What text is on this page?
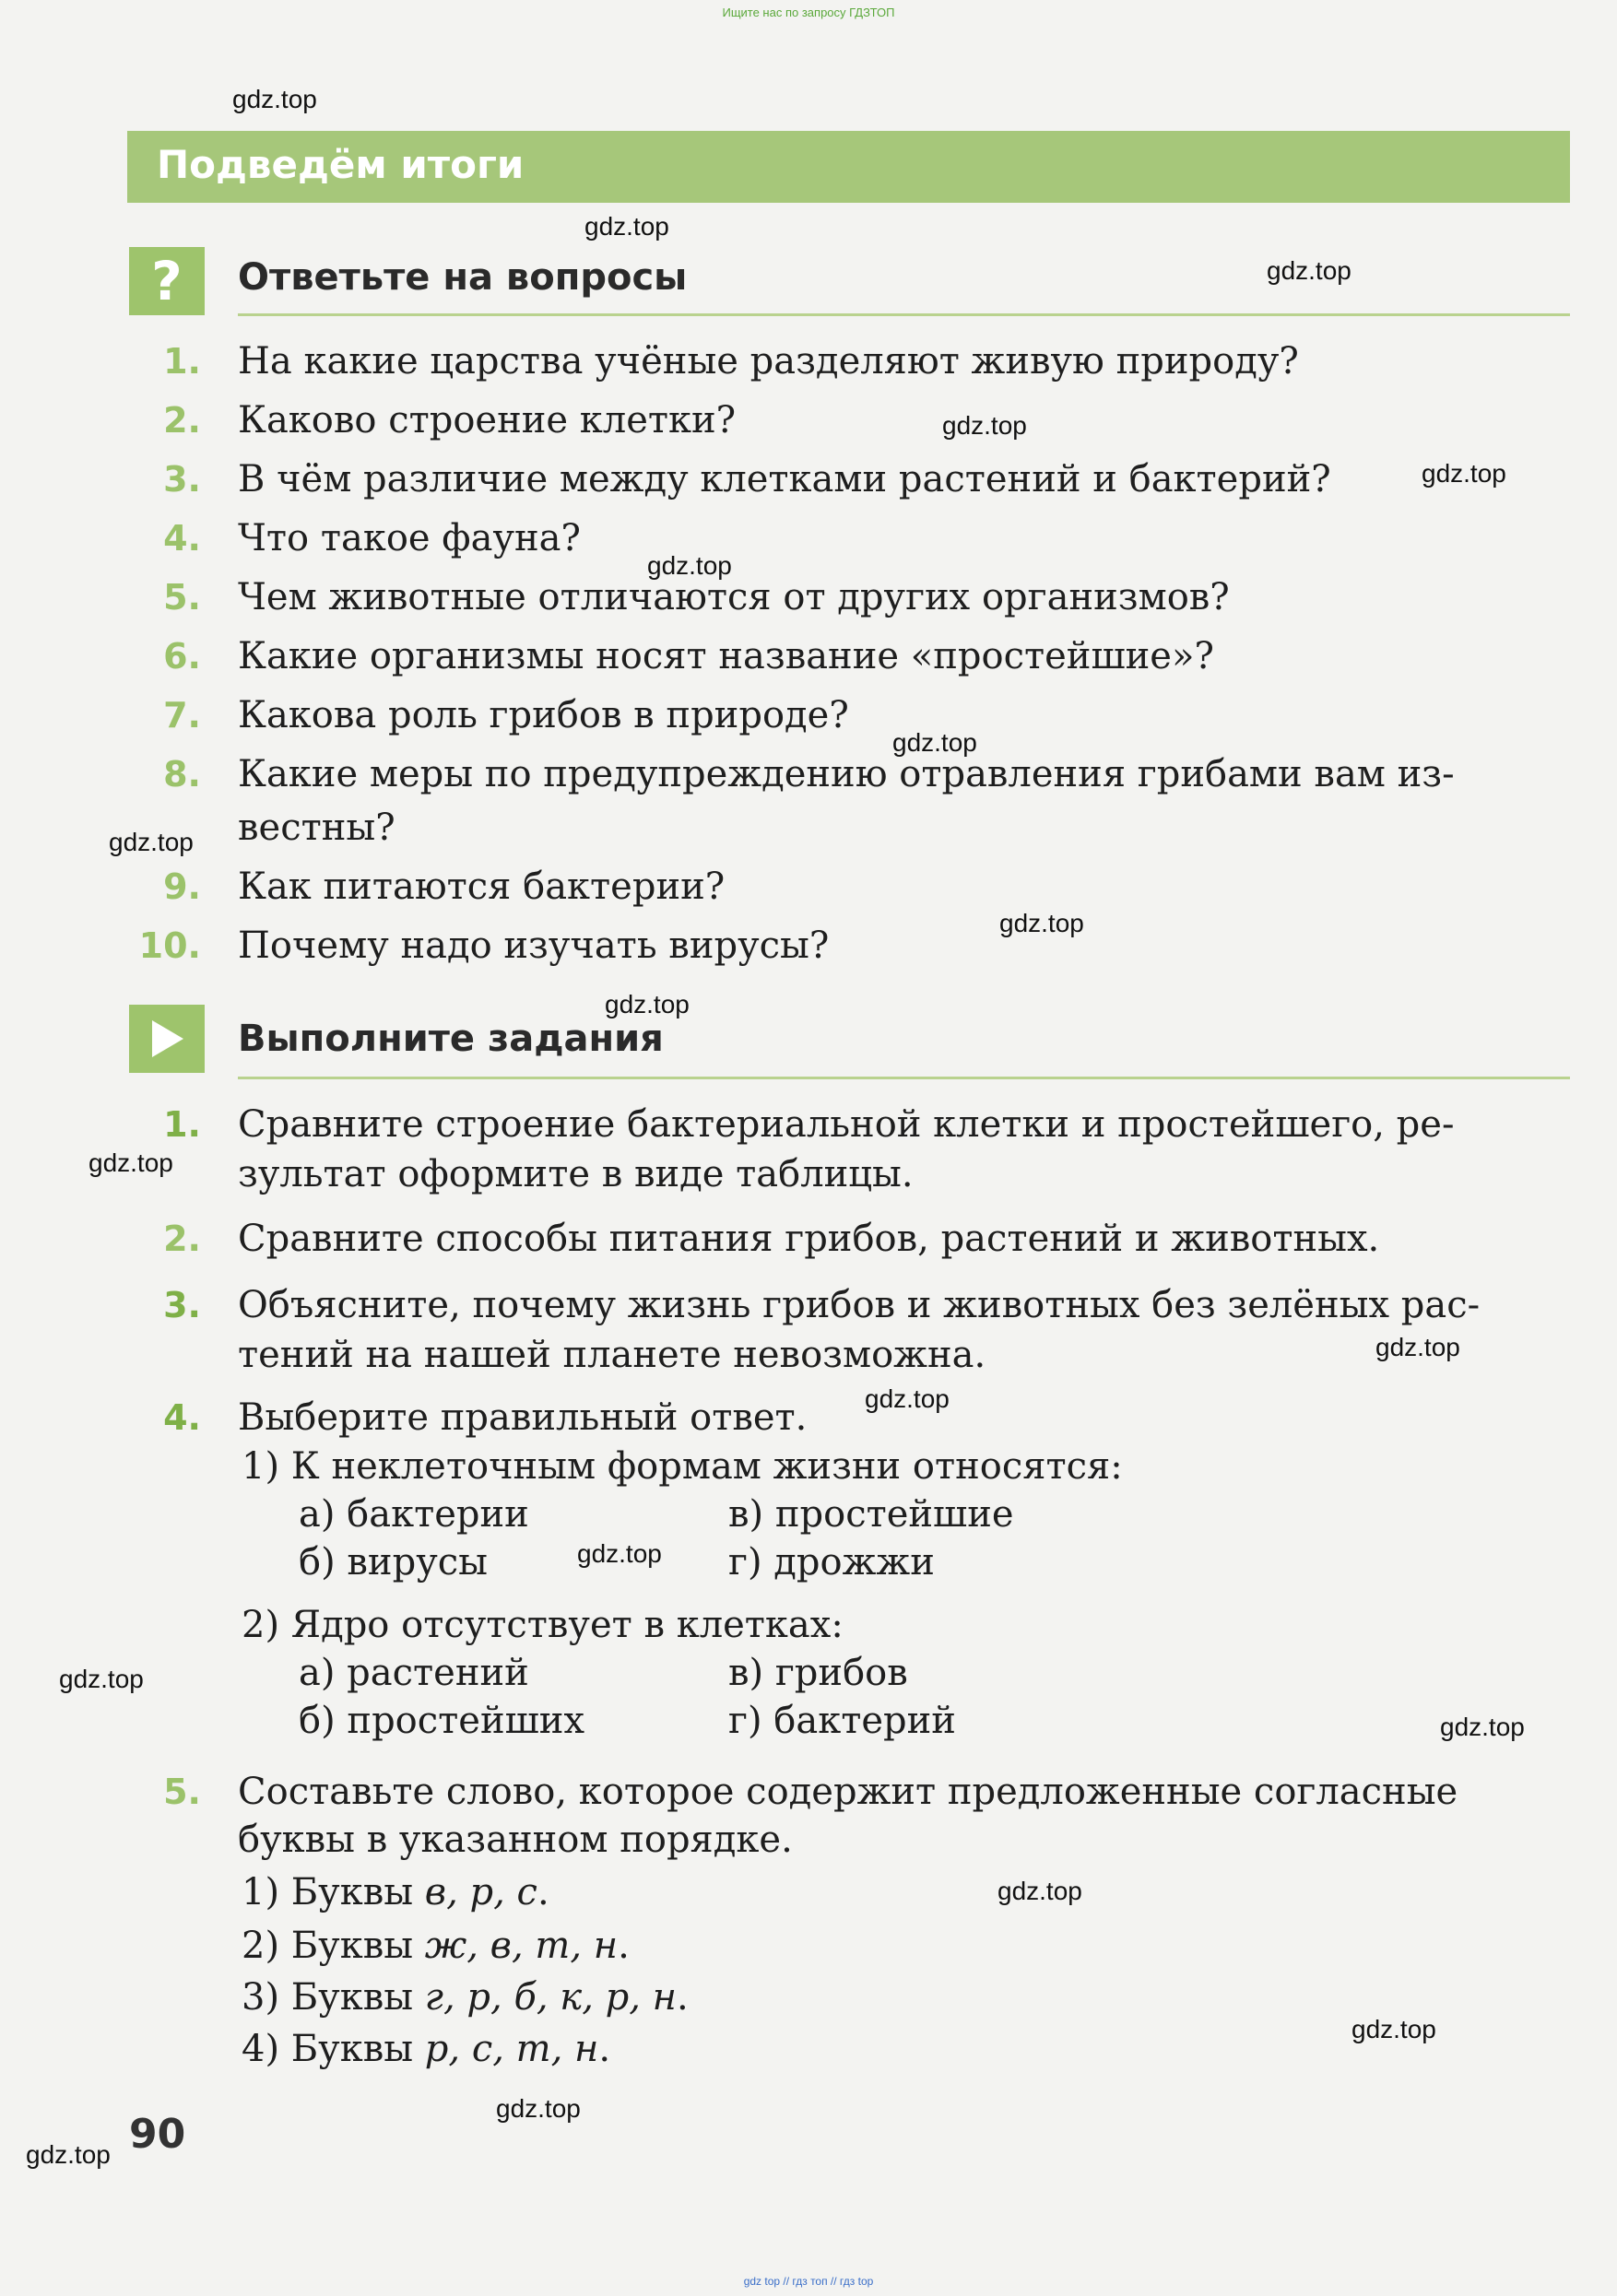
Ищите нас по запросу ГДЗТОП
Подведём итоги
?	Ответьте на вопросы
1. На какие царства учёные разделяют живую природу?
2. Каково строение клетки?
3. В чём различие между клетками растений и бактерий?
4. Что такое фауна?
5. Чем животные отличаются от других организмов?
6. Какие организмы носят название «простейшие»?
7. Какова роль грибов в природе?
8. Какие меры по предупреждению отравления грибами вам из-
вестны?
9. Как питаются бактерии?
10. Почему надо изучать вирусы?
Выполните задания
1. Сравните строение бактериальной клетки и простейшего, ре-
зультат оформите в виде таблицы.
2. Сравните способы питания грибов, растений и животных.
3. Объясните, почему жизнь грибов и животных без зелёных рас-
тений на нашей планете невозможна.
4. Выберите правильный ответ.
1) К неклеточным формам жизни относятся:
а) бактерии	в) простейшие
б) вирусы	г) дрожжи
2) Ядро отсутствует в клетках:
а) растений	в) грибов
б) простейших	г) бактерий
5. Составьте слово, которое содержит предложенные согласные
буквы в указанном порядке.
1) Буквы в, р, с.
2) Буквы ж, в, т, н.
3) Буквы г, р, б, к, р, н.
4) Буквы р, с, т, н.
90
gdz.top
gdz.top
gdz.top
gdz.top
gdz.top
gdz.top
gdz.top
gdz.top
gdz.top
gdz.top
gdz.top
gdz.top
gdz.top
gdz.top
gdz.top
gdz.top
gdz.top
gdz.top
gdz.top
gdz.top
gdz top // гдз топ // гдз top
